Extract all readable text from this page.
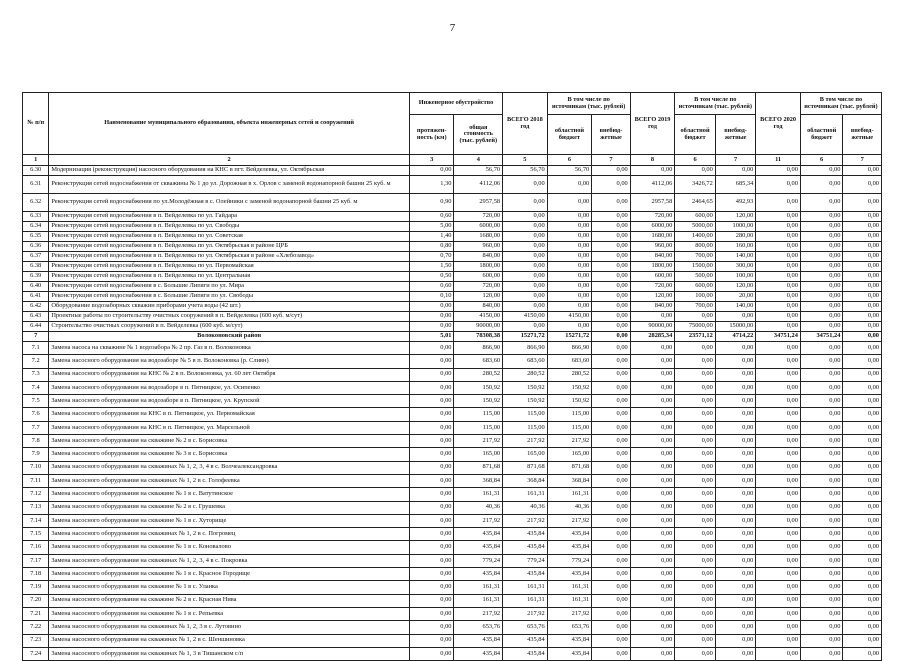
7
№ п/п	Наименование муниципального образования, объекта инженерных сетей и сооружений	Инженерное обустройство		ВСЕГО 2018 год	В том числе по источникам (тыс. рублей)		ВСЕГО 2019 год	В том числе по источникам (тыс. рублей)		ВСЕГО 2020 год	В том числе по источникам (тыс. рублей)	
		протяжен-ность (км)	общая стоимость (тыс. рублей)		областной бюджет	внебюд-жетные		областной бюджет	внебюд-жетные		областной бюджет	внебюд-жетные
1	2	3	4	5	6	7	8	6	7	11	6	7
6.30	Модернизация (реконструкция) насосного оборудования на КНС в пгт. Вейделевка, ул. Октябрьская	0,00	56,70	56,70	56,70	0,00	0,00	0,00	0,00	0,00	0,00	0,00
6.31	Реконструкция сетей водоснабжения от скважины № 1 до ул. Дорожная в х. Орлов с заменой водонапорной башни 25 куб. м	1,30	4112,06	0,00	0,00	0,00	4112,06	3426,72	685,34	0,00	0,00	0,00
6.32	Реконструкция сетей водоснабжения по ул.Молодёжная в с. Олейники с заменой водонапорной башни 25 куб. м	0,90	2957,58	0,00	0,00	0,00	2957,58	2464,65	492,93	0,00	0,00	0,00
6.33	Реконструкция сетей водоснабжения в п. Вейделевка по ул. Гайдара	0,60	720,00	0,00	0,00	0,00	720,00	600,00	120,00	0,00	0,00	0,00
6.34	Реконструкция сетей водоснабжения в п. Вейделевка по ул. Свободы	5,00	6000,00	0,00	0,00	0,00	6000,00	5000,00	1000,00	0,00	0,00	0,00
6.35	Реконструкция сетей водоснабжения в п. Вейделевка по ул. Советская	1,40	1680,00	0,00	0,00	0,00	1680,00	1400,00	280,00	0,00	0,00	0,00
6.36	Реконструкция сетей водоснабжения в п. Вейделевка по ул. Октябрьская в районе ЦРБ	0,80	960,00	0,00	0,00	0,00	960,00	800,00	160,00	0,00	0,00	0,00
6.37	Реконструкция сетей водоснабжения в п. Вейделевка по ул. Октябрьская в районе «Хлебозавод»	0,70	840,00	0,00	0,00	0,00	840,00	700,00	140,00	0,00	0,00	0,00
6.38	Реконструкция сетей водоснабжения в п. Вейделевка по ул. Первомайская	1,50	1800,00	0,00	0,00	0,00	1800,00	1500,00	300,00	0,00	0,00	0,00
6.39	Реконструкция сетей водоснабжения в п. Вейделевка по ул. Центральная	0,50	600,00	0,00	0,00	0,00	600,00	500,00	100,00	0,00	0,00	0,00
6.40	Реконструкция сетей водоснабжения в с. Большие Липяги по ул. Мира	0,60	720,00	0,00	0,00	0,00	720,00	600,00	120,00	0,00	0,00	0,00
6.41	Реконструкция сетей водоснабжения в с. Большие Липяги по ул. Свободы	0,10	120,00	0,00	0,00	0,00	120,00	100,00	20,00	0,00	0,00	0,00
6.42	Оборудование водозаборных скважин приборами учета воды (42 шт.)	0,00	840,00	0,00	0,00	0,00	840,00	700,00	140,00	0,00	0,00	0,00
6.43	Проектные работы по строительству очистных сооружений в п. Вейделевка (600 куб. м/сут)	0,00	4150,00	4150,00	4150,00	0,00	0,00	0,00	0,00	0,00	0,00	0,00
6.44	Строительство очистных сооружений в п. Вейделевка (600 куб. м/сут)	0,00	90000,00	0,00	0,00	0,00	90000,00	75000,00	15000,00	0,00	0,00	0,00
7	Волоконовский район	5,01	78308,38	15271,72	15271,72	0,00	28285,34	23571,12	4714,22	34751,24	34751,24	0,00
7.1	Замена насоса на скважине № 1 водозабора № 2 пр. Газ в п. Волоконовка	0,00	866,90	866,90	866,90	0,00	0,00	0,00	0,00	0,00	0,00	0,00
7.2	Замена насосного оборудования на водозаборе № 5 в п. Волоконовка (р. Сливн)	0,00	683,60	683,60	683,60	0,00	0,00	0,00	0,00	0,00	0,00	0,00
7.3	Замена насосного оборудования на КНС № 2 в п. Волоконовка, ул. 60 лет Октября	0,00	280,52	280,52	280,52	0,00	0,00	0,00	0,00	0,00	0,00	0,00
7.4	Замена насосного оборудования на водозаборе в п. Пятницкое, ул. Осипенко	0,00	150,92	150,92	150,92	0,00	0,00	0,00	0,00	0,00	0,00	0,00
7.5	Замена насосного оборудования на водозаборе в п. Пятницкое, ул. Крупской	0,00	150,92	150,92	150,92	0,00	0,00	0,00	0,00	0,00	0,00	0,00
7.6	Замена насосного оборудования на КНС в п. Пятницкое, ул. Первомайская	0,00	115,00	115,00	115,00	0,00	0,00	0,00	0,00	0,00	0,00	0,00
7.7	Замена насосного оборудования на КНС в п. Пятницкое, ул. Марсельной	0,00	115,00	115,00	115,00	0,00	0,00	0,00	0,00	0,00	0,00	0,00
7.8	Замена насосного оборудования на скважине № 2 в с. Борисовка	0,00	217,92	217,92	217,92	0,00	0,00	0,00	0,00	0,00	0,00	0,00
7.9	Замена насосного оборудования на скважине № 3 в с. Борисовка	0,00	165,00	165,00	165,00	0,00	0,00	0,00	0,00	0,00	0,00	0,00
7.10	Замена насосного оборудования на скважинах № 1, 2, 3, 4 в с. Волчеалександровка	0,00	871,68	871,68	871,68	0,00	0,00	0,00	0,00	0,00	0,00	0,00
7.11	Замена насосного оборудования на скважинах № 1, 2 в с. Голофеевка	0,00	368,84	368,84	368,84	0,00	0,00	0,00	0,00	0,00	0,00	0,00
7.12	Замена насосного оборудования на скважине № 1 в с. Ватутинское	0,00	161,31	161,31	161,31	0,00	0,00	0,00	0,00	0,00	0,00	0,00
7.13	Замена насосного оборудования на скважине № 2 в с. Грушевка	0,00	40,36	40,36	40,36	0,00	0,00	0,00	0,00	0,00	0,00	0,00
7.14	Замена насосного оборудования на скважине № 1 в с. Хуторище	0,00	217,92	217,92	217,92	0,00	0,00	0,00	0,00	0,00	0,00	0,00
7.15	Замена насосного оборудования на скважинах № 1, 2 в с. Погромец	0,00	435,84	435,84	435,84	0,00	0,00	0,00	0,00	0,00	0,00	0,00
7.16	Замена насосного оборудования на скважине № 1 в с. Коновалово	0,00	435,84	435,84	435,84	0,00	0,00	0,00	0,00	0,00	0,00	0,00
7.17	Замена насосного оборудования на скважинах № 1, 2, 3, 4 в с. Покровка	0,00	779,24	779,24	779,24	0,00	0,00	0,00	0,00	0,00	0,00	0,00
7.18	Замена насосного оборудования на скважине № 1 в с. Красное Городище	0,00	435,84	435,84	435,84	0,00	0,00	0,00	0,00	0,00	0,00	0,00
7.19	Замена насосного оборудования на скважине № 1 в с. Уланка	0,00	161,31	161,31	161,31	0,00	0,00	0,00	0,00	0,00	0,00	0,00
7.20	Замена насосного оборудования на скважине № 2 в с. Красная Нива	0,00	161,31	161,31	161,31	0,00	0,00	0,00	0,00	0,00	0,00	0,00
7.21	Замена насосного оборудования на скважине № 1 в с. Репьевка	0,00	217,92	217,92	217,92	0,00	0,00	0,00	0,00	0,00	0,00	0,00
7.22	Замена насосного оборудования на скважинах № 1, 2, 3 в с. Лутовино	0,00	653,76	653,76	653,76	0,00	0,00	0,00	0,00	0,00	0,00	0,00
7.23	Замена насосного оборудования на скважинах № 1, 2 в с. Шеншиновка	0,00	435,84	435,84	435,84	0,00	0,00	0,00	0,00	0,00	0,00	0,00
7.24	Замена насосного оборудования на скважинах № 1, 3 в Тишанском с/п	0,00	435,84	435,84	435,84	0,00	0,00	0,00	0,00	0,00	0,00	0,00
